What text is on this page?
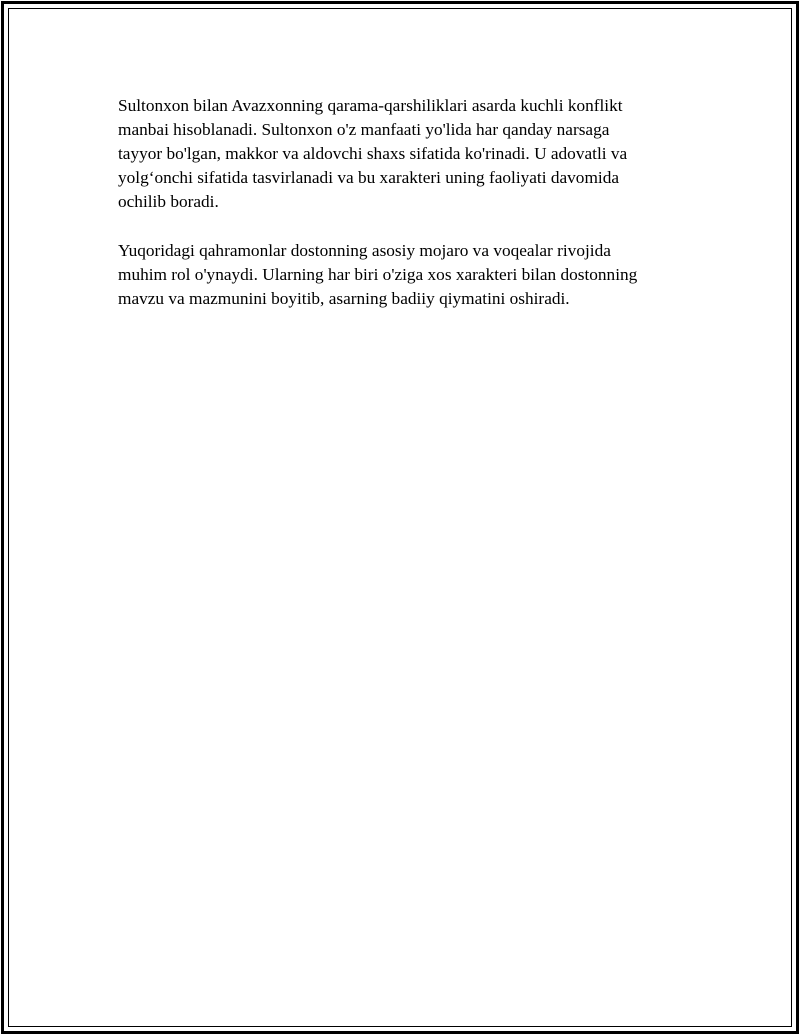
Sultonxon bilan Avazxonning qarama-qarshiliklari asarda kuchli konflikt
manbai hisoblanadi. Sultonxon o'z manfaati yo'lida har qanday narsaga
tayyor bo'lgan, makkor va aldovchi shaxs sifatida ko'rinadi. U adovatli va
yolg‘onchi sifatida tasvirlanadi va bu xarakteri uning faoliyati davomida
ochilib boradi.

Yuqoridagi qahramonlar dostonning asosiy mojaro va voqealar rivojida
muhim rol o'ynaydi. Ularning har biri o'ziga xos xarakteri bilan dostonning
mavzu va mazmunini boyitib, asarning badiiy qiymatini oshiradi.
